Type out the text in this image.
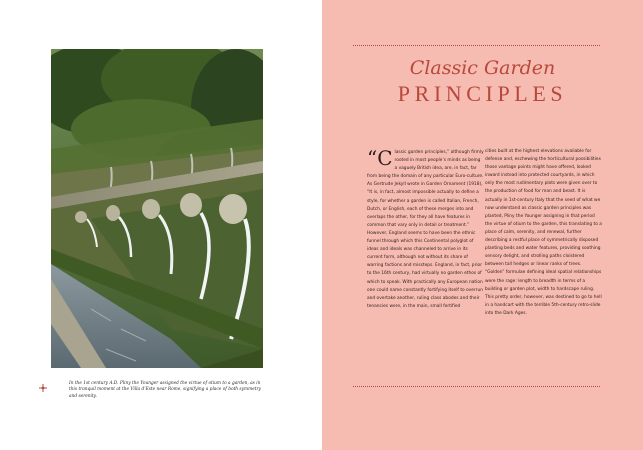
In the 1st century A.D. Pliny the Younger assigned the virtue of otium to a garden, as in this tranquil moment at the Villa d’Este near Rome, signifying a place of both symmetry and serenity.
Classic Garden
PRINCIPLES
“Classic garden principles,” although firmly rooted in most people’s minds as being a vaguely British idea, are, in fact, far from being the domain of any particular Euro-culture. As Gertrude Jekyll wrote in Garden Ornament (1918), “It is, in fact, almost impossible actually to define a style, for whether a garden is called Italian, French, Dutch, or English, each of these merges into and overlaps the other, for they all have features in common that vary only in detail or treatment.” However, England seems to have been the ethnic funnel through which this Continental polyglot of ideas and ideals was channeled to arrive in its current form, although not without its share of warring factions and missteps. England, in fact, prior to the 16th century, had virtually no garden ethos of which to speak. With practically any European nation one could name constantly fortifying itself to overrun and overtake another, ruling class abodes and their tenancies were, in the main, small fortified
cities built at the highest elevations available for defense and, eschewing the horticultural possibilities those vantage points might have offered, looked inward instead into protected courtyards, in which only the most rudimentary plots were given over to the production of food for man and beast. It is actually in 1st-century Italy that the seed of what we now understand as classic garden principles was planted, Pliny the Younger assigning in that period the virtue of otium to the garden, this translating to a place of calm, serenity, and renewal, further describing a restful place of symmetrically disposed planting beds and water features, providing soothing sensory delight, and strolling paths cloistered between tall hedges or linear ranks of trees. “Golden” formulae defining ideal spatial relationships were the rage: length to breadth in terms of a building or garden plot, width to hardscape ruling. This pretty order, however, was destined to go to hell in a handcart with the terrible 5th-century retro-slide into the Dark Ages.
